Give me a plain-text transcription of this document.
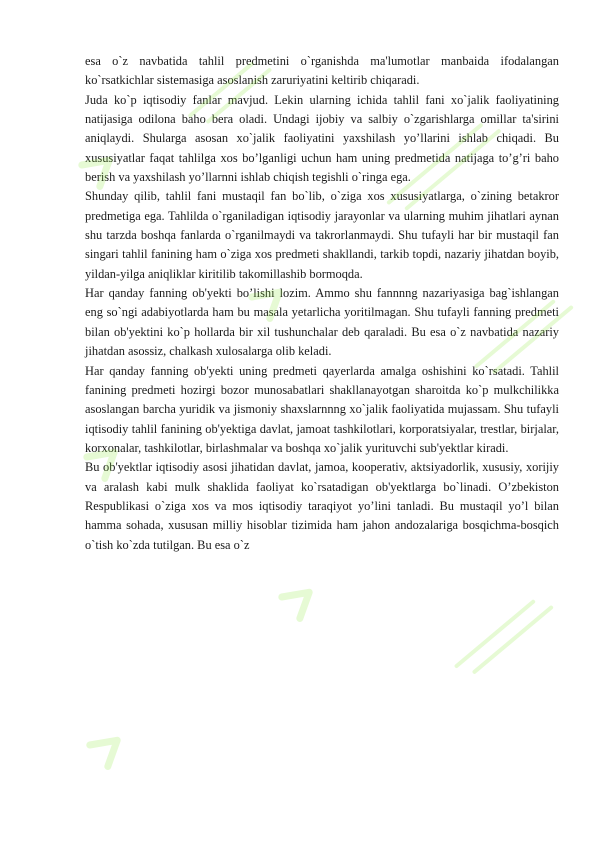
esa o`z navbatida tahlil predmetini o`rganishda ma'lumotlar manbaida ifodalangan ko`rsatkichlar sistemasiga asoslanish zaruriyatini keltirib chiqaradi.

Juda ko`p iqtisodiy fanlar mavjud. Lekin ularning ichida tahlil fani xo`jalik faoliyatining natijasiga odilona baho bera oladi. Undagi ijobiy va salbiy o`zgarishlarga omillar ta'sirini aniqlaydi. Shularga asosan xo`jalik faoliyatini yaxshilash yo’llarini ishlab chiqadi. Bu xususiyatlar faqat tahlilga xos bo’lganligi uchun ham uning predmetida natijaga to’g’ri baho berish va yaxshilash yo’llarnni ishlab chiqish tegishli o`ringa ega.

Shunday qilib, tahlil fani mustaqil fan bo`lib, o`ziga xos xususiyatlarga, o`zining betakror predmetiga ega. Tahlilda o`rganiladigan iqtisodiy jarayonlar va ularning muhim jihatlari aynan shu tarzda boshqa fanlarda o`rganilmaydi va takrorlanmaydi. Shu tufayli har bir mustaqil fan singari tahlil fanining ham o`ziga xos predmeti shakllandi, tarkib topdi, nazariy jihatdan boyib, yildan-yilga aniqliklar kiritilib takomillashib bormoqda.

Har qanday fanning ob'yekti bo’lishi lozim. Ammo shu fannnng nazariyasiga bag`ishlangan eng so`ngi adabiyotlarda ham bu masala yetarlicha yoritilmagan. Shu tufayli fanning predmeti bilan ob'yektini ko`p hollarda bir xil tushunchalar deb qaraladi. Bu esa o`z navbatida nazariy jihatdan asossiz, chalkash xulosalarga olib keladi.

Har qanday fanning ob'yekti uning predmeti qayerlarda amalga oshishini ko`rsatadi. Tahlil fanining predmeti hozirgi bozor munosabatlari shakllanayotgan sharoitda ko`p mulkchilikka asoslangan barcha yuridik va jismoniy shaxslarnnng xo`jalik faoliyatida mujassam. Shu tufayli iqtisodiy tahlil fanining ob'yektiga davlat, jamoat tashkilotlari, korporatsiyalar, trestlar, birjalar, korxonalar, tashkilotlar, birlashmalar va boshqa xo`jalik yurituvchi sub'yektlar kiradi.

Bu ob'yektlar iqtisodiy asosi jihatidan davlat, jamoa, kooperativ, aktsiyadorlik, xususiy, xorijiy va aralash kabi mulk shaklida faoliyat ko`rsatadigan ob'yektlarga bo`linadi. O’zbekiston Respublikasi o`ziga xos va mos iqtisodiy taraqiyot yo’lini tanladi. Bu mustaqil yo’l bilan hamma sohada, xususan milliy hisoblar tizimida ham jahon andozalariga bosqichma-bosqich o`tish ko`zda tutilgan. Bu esa o`z
